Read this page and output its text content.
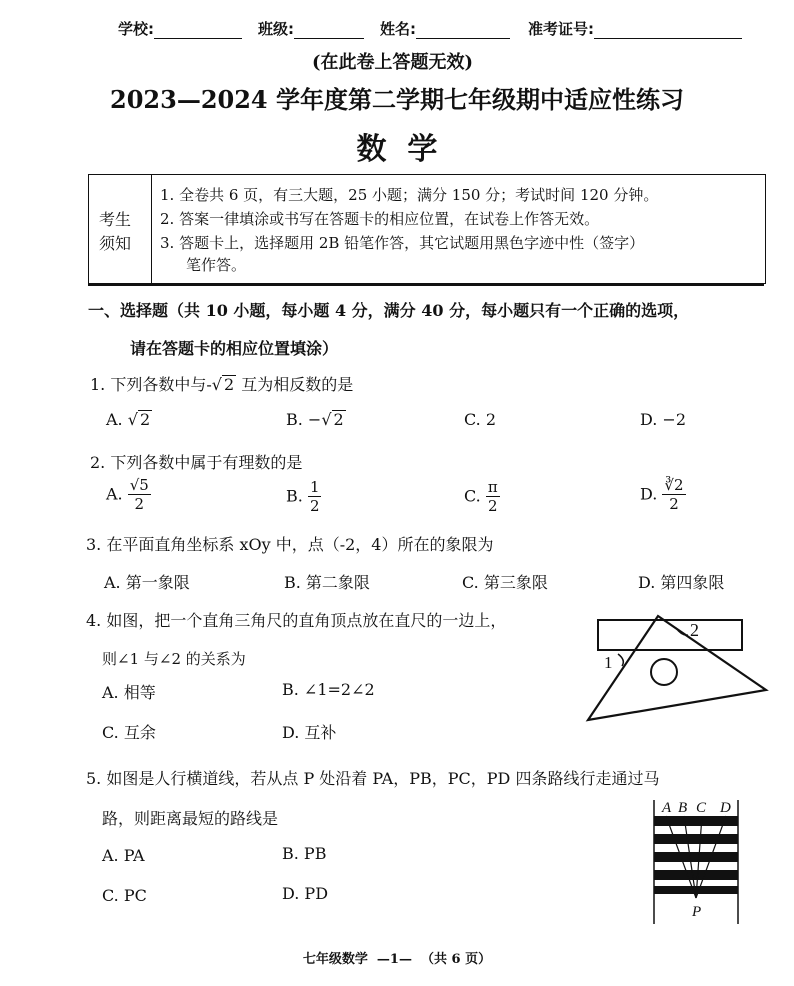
学校:	班级:	姓名:	准考证号:
(在此卷上答题无效)
2023—2024 学年度第二学期七年级期中适应性练习
数  学
考生
须知
1. 全卷共 6 页，有三大题，25 小题；满分 150 分；考试时间 120 分钟。
2. 答案一律填涂或书写在答题卡的相应位置，在试卷上作答无效。
3. 答题卡上，选择题用 2B 铅笔作答，其它试题用黑色字迹中性（签字）
笔作答。
一、选择题（共 10 小题，每小题 4 分，满分 40 分，每小题只有一个正确的选项，
请在答题卡的相应位置填涂）
1. 下列各数中与-√ 2 互为相反数的是
A. √ 2	B. −√ 2	C. 2	D. −2
2. 下列各数中属于有理数的是
A. $\frac{√5}{2}$	B. $\frac{1}{2}$	C. $\frac{\pi}{2}$	D. $\frac{∛2}{2}$
3. 在平面直角坐标系 xOy 中，点（-2，4）所在的象限为
A. 第一象限	B. 第二象限	C. 第三象限	D. 第四象限
4. 如图，把一个直角三角尺的直角顶点放在直尺的一边上，
则∠1 与∠2 的关系为
A. 相等	B. ∠1=2∠2
C. 互余	D. 互补
2
1
5. 如图是人行横道线，若从点 P 处沿着 PA，PB，PC，PD 四条路线行走通过马
路，则距离最短的路线是
A. PA	B. PB
C. PC	D. PD
A B C D
P
七年级数学  —1—  （共 6 页）
